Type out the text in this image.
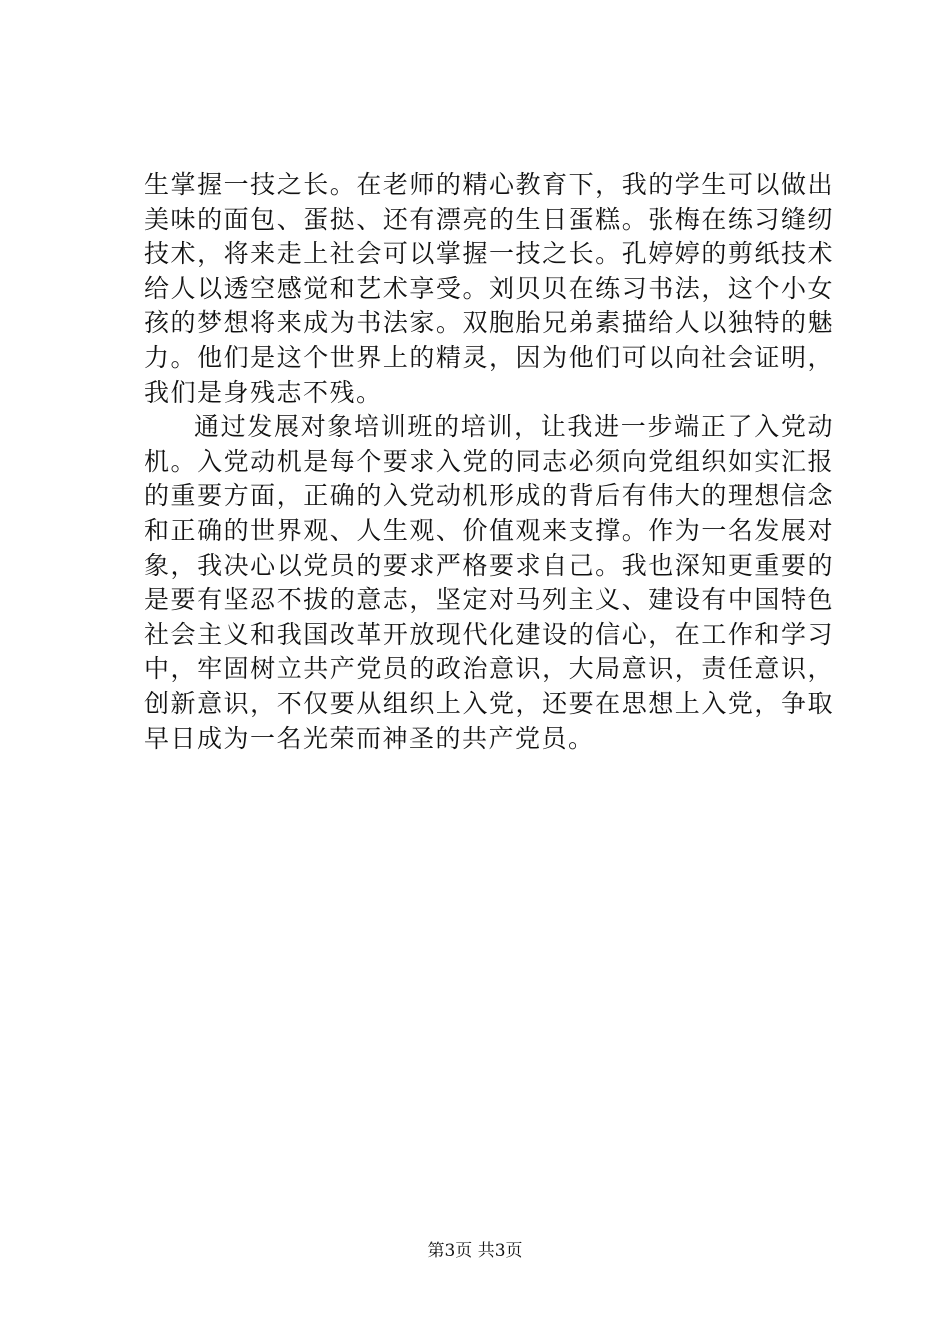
生掌握一技之长。在老师的精心教育下，我的学生可以做出美味的面包、蛋挞、还有漂亮的生日蛋糕。张梅在练习缝纫技术，将来走上社会可以掌握一技之长。孔婷婷的剪纸技术给人以透空感觉和艺术享受。刘贝贝在练习书法，这个小女孩的梦想将来成为书法家。双胞胎兄弟素描给人以独特的魅力。他们是这个世界上的精灵，因为他们可以向社会证明，我们是身残志不残。

通过发展对象培训班的培训，让我进一步端正了入党动机。入党动机是每个要求入党的同志必须向党组织如实汇报的重要方面，正确的入党动机形成的背后有伟大的理想信念和正确的世界观、人生观、价值观来支撑。作为一名发展对象，我决心以党员的要求严格要求自己。我也深知更重要的是要有坚忍不拔的意志，坚定对马列主义、建设有中国特色社会主义和我国改革开放现代化建设的信心，在工作和学习中，牢固树立共产党员的政治意识，大局意识，责任意识，创新意识，不仅要从组织上入党，还要在思想上入党，争取早日成为一名光荣而神圣的共产党员。

第3页 共3页
